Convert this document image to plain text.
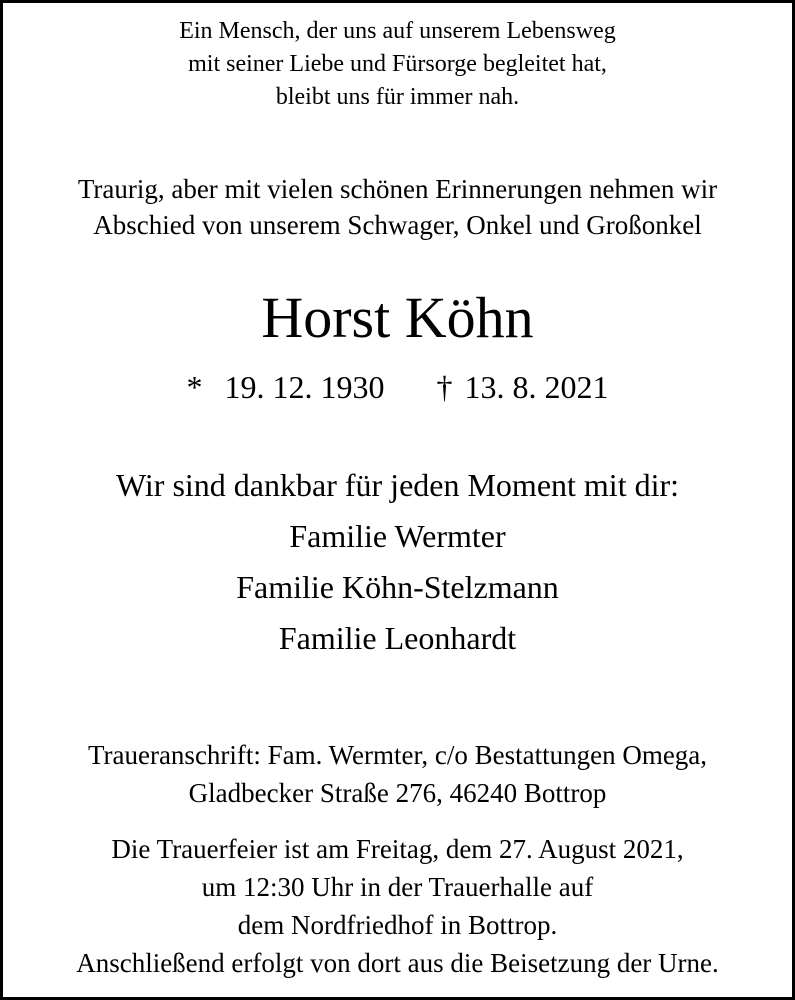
Ein Mensch, der uns auf unserem Lebensweg
mit seiner Liebe und Fürsorge begleitet hat,
bleibt uns für immer nah.
Traurig, aber mit vielen schönen Erinnerungen nehmen wir
Abschied von unserem Schwager, Onkel und Großonkel
Horst Köhn
* 19. 12. 1930 † 13. 8. 2021
Wir sind dankbar für jeden Moment mit dir:
Familie Wermter
Familie Köhn-Stelzmann
Familie Leonhardt
Traueranschrift: Fam. Wermter, c/o Bestattungen Omega,
Gladbecker Straße 276, 46240 Bottrop
Die Trauerfeier ist am Freitag, dem 27. August 2021,
um 12:30 Uhr in der Trauerhalle auf
dem Nordfriedhof in Bottrop.
Anschließend erfolgt von dort aus die Beisetzung der Urne.
